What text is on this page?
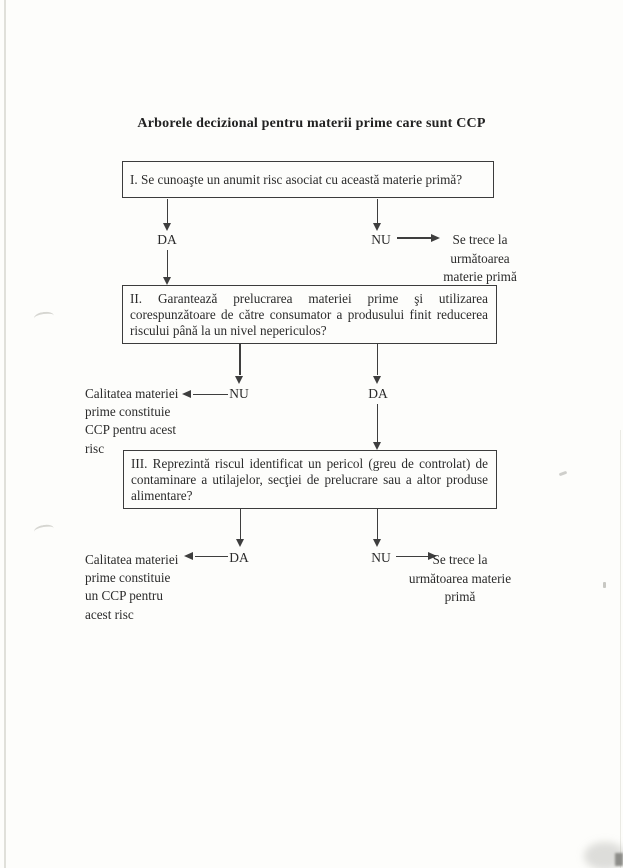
Arborele decizional pentru materii prime care sunt CCP
I. Se cunoaşte un anumit risc asociat cu această materie primă?
DA	NU	Se trece la
următoarea
materie primă
II. Garantează prelucrarea materiei prime şi utilizarea corespunzătoare de către consumator a produsului finit reducerea riscului până la un nivel nepericulos?
NU
Calitatea materiei
prime constituie
CCP pentru acest
risc
DA
III. Reprezintă riscul identificat un pericol (greu de controlat) de contaminare a utilajelor, secţiei de prelucrare sau a altor produse alimentare?
DA
Calitatea materiei
prime constituie
un CCP pentru
acest risc
NU	Se trece la
următoarea materie
primă
